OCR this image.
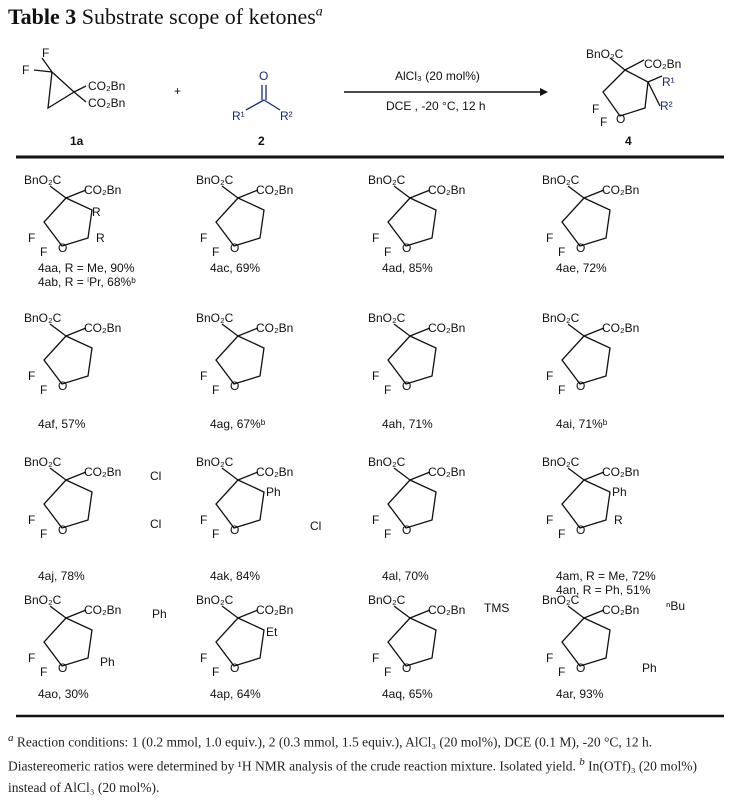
Table 3 Substrate scope of ketones$^a$
F
F
CO₂Bn
CO₂Bn
1a
+
O
R¹	R²
2
AlCl₃ (20 mol%)
DCE , -20 °C, 12 h
BnO₂C
CO₂Bn
R¹
R²
O
F
F
4
BnO₂C
CO₂Bn
O
F
F
BnO₂C
CO₂Bn
O
F
F
BnO₂C
CO₂Bn
O
F
F
BnO₂C
CO₂Bn
O
F
F
BnO₂C
CO₂Bn
O
F
F
BnO₂C
CO₂Bn
O
F
F
BnO₂C
CO₂Bn
O
F
F
BnO₂C
CO₂Bn
O
F
F
BnO₂C
CO₂Bn
O
F
F
BnO₂C
CO₂Bn
O
F
F
BnO₂C
CO₂Bn
O
F
F
BnO₂C
CO₂Bn
O
F
F
BnO₂C
CO₂Bn
O
F
F
BnO₂C
CO₂Bn
O
F
F
BnO₂C
CO₂Bn
O
F
F
BnO₂C
CO₂Bn
O
F
F
R
R
Ph
Cl
Cl
Cl
Ph
R
Ph
Ph
Et
TMS	ⁿBu
Ph
4aa, R = Me, 90%
4ab, R = ⁱPr, 68%ᵇ
4ac, 69%	4ad, 85%	4ae, 72%
4af, 57%	4ag, 67%ᵇ	4ah, 71%	4ai, 71%ᵇ
4aj, 78%	4ak, 84%	4al, 70%	4am, R = Me, 72%
4an, R = Ph, 51%
4ao, 30%	4ap, 64%	4aq, 65%	4ar, 93%
$^a$ Reaction conditions: 1 (0.2 mmol, 1.0 equiv.), 2 (0.3 mmol, 1.5 equiv.), AlCl₃ (20 mol%), DCE (0.1 M), -20 °C, 12 h.
Diastereomeric ratios were determined by ¹H NMR analysis of the crude reaction mixture. Isolated yield. $^b$ In(OTf)₃ (20 mol%)
instead of AlCl₃ (20 mol%).
